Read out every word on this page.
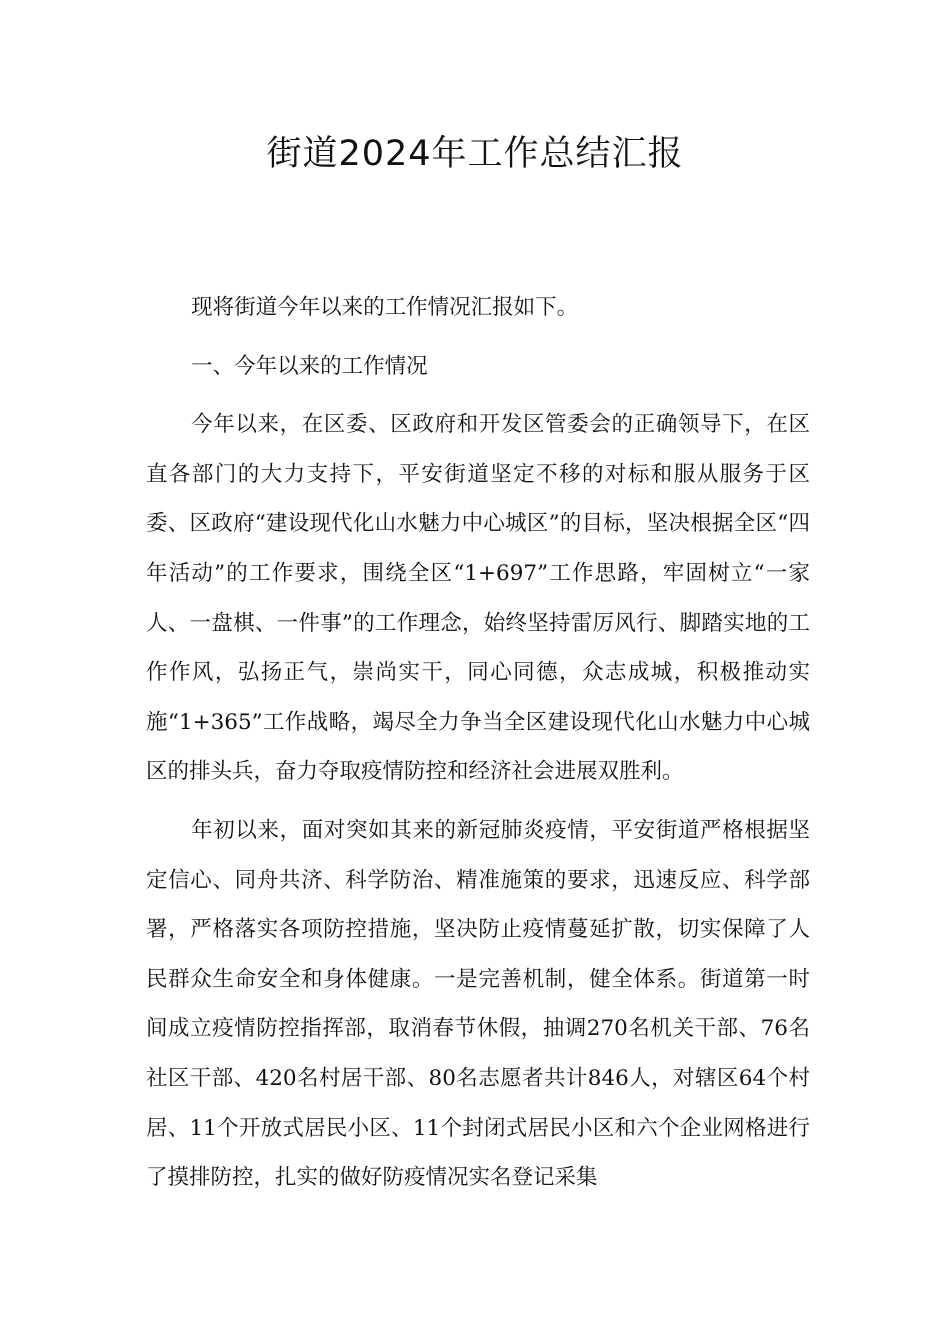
街道2024年工作总结汇报

现将街道今年以来的工作情况汇报如下。

一、今年以来的工作情况

今年以来，在区委、区政府和开发区管委会的正确领导下，在区直各部门的大力支持下，平安街道坚定不移的对标和服从服务于区委、区政府“建设现代化山水魅力中心城区”的目标，坚决根据全区“四年活动”的工作要求，围绕全区“1+697”工作思路，牢固树立“一家人、一盘棋、一件事”的工作理念，始终坚持雷厉风行、脚踏实地的工作作风，弘扬正气，崇尚实干，同心同德，众志成城，积极推动实施“1+365”工作战略，竭尽全力争当全区建设现代化山水魅力中心城区的排头兵，奋力夺取疫情防控和经济社会进展双胜利。

年初以来，面对突如其来的新冠肺炎疫情，平安街道严格根据坚定信心、同舟共济、科学防治、精准施策的要求，迅速反应、科学部署，严格落实各项防控措施，坚决防止疫情蔓延扩散，切实保障了人民群众生命安全和身体健康。一是完善机制，健全体系。街道第一时间成立疫情防控指挥部，取消春节休假，抽调270名机关干部、76名社区干部、420名村居干部、80名志愿者共计846人，对辖区64个村居、11个开放式居民小区、11个封闭式居民小区和六个企业网格进行了摸排防控，扎实的做好防疫情况实名登记采集
